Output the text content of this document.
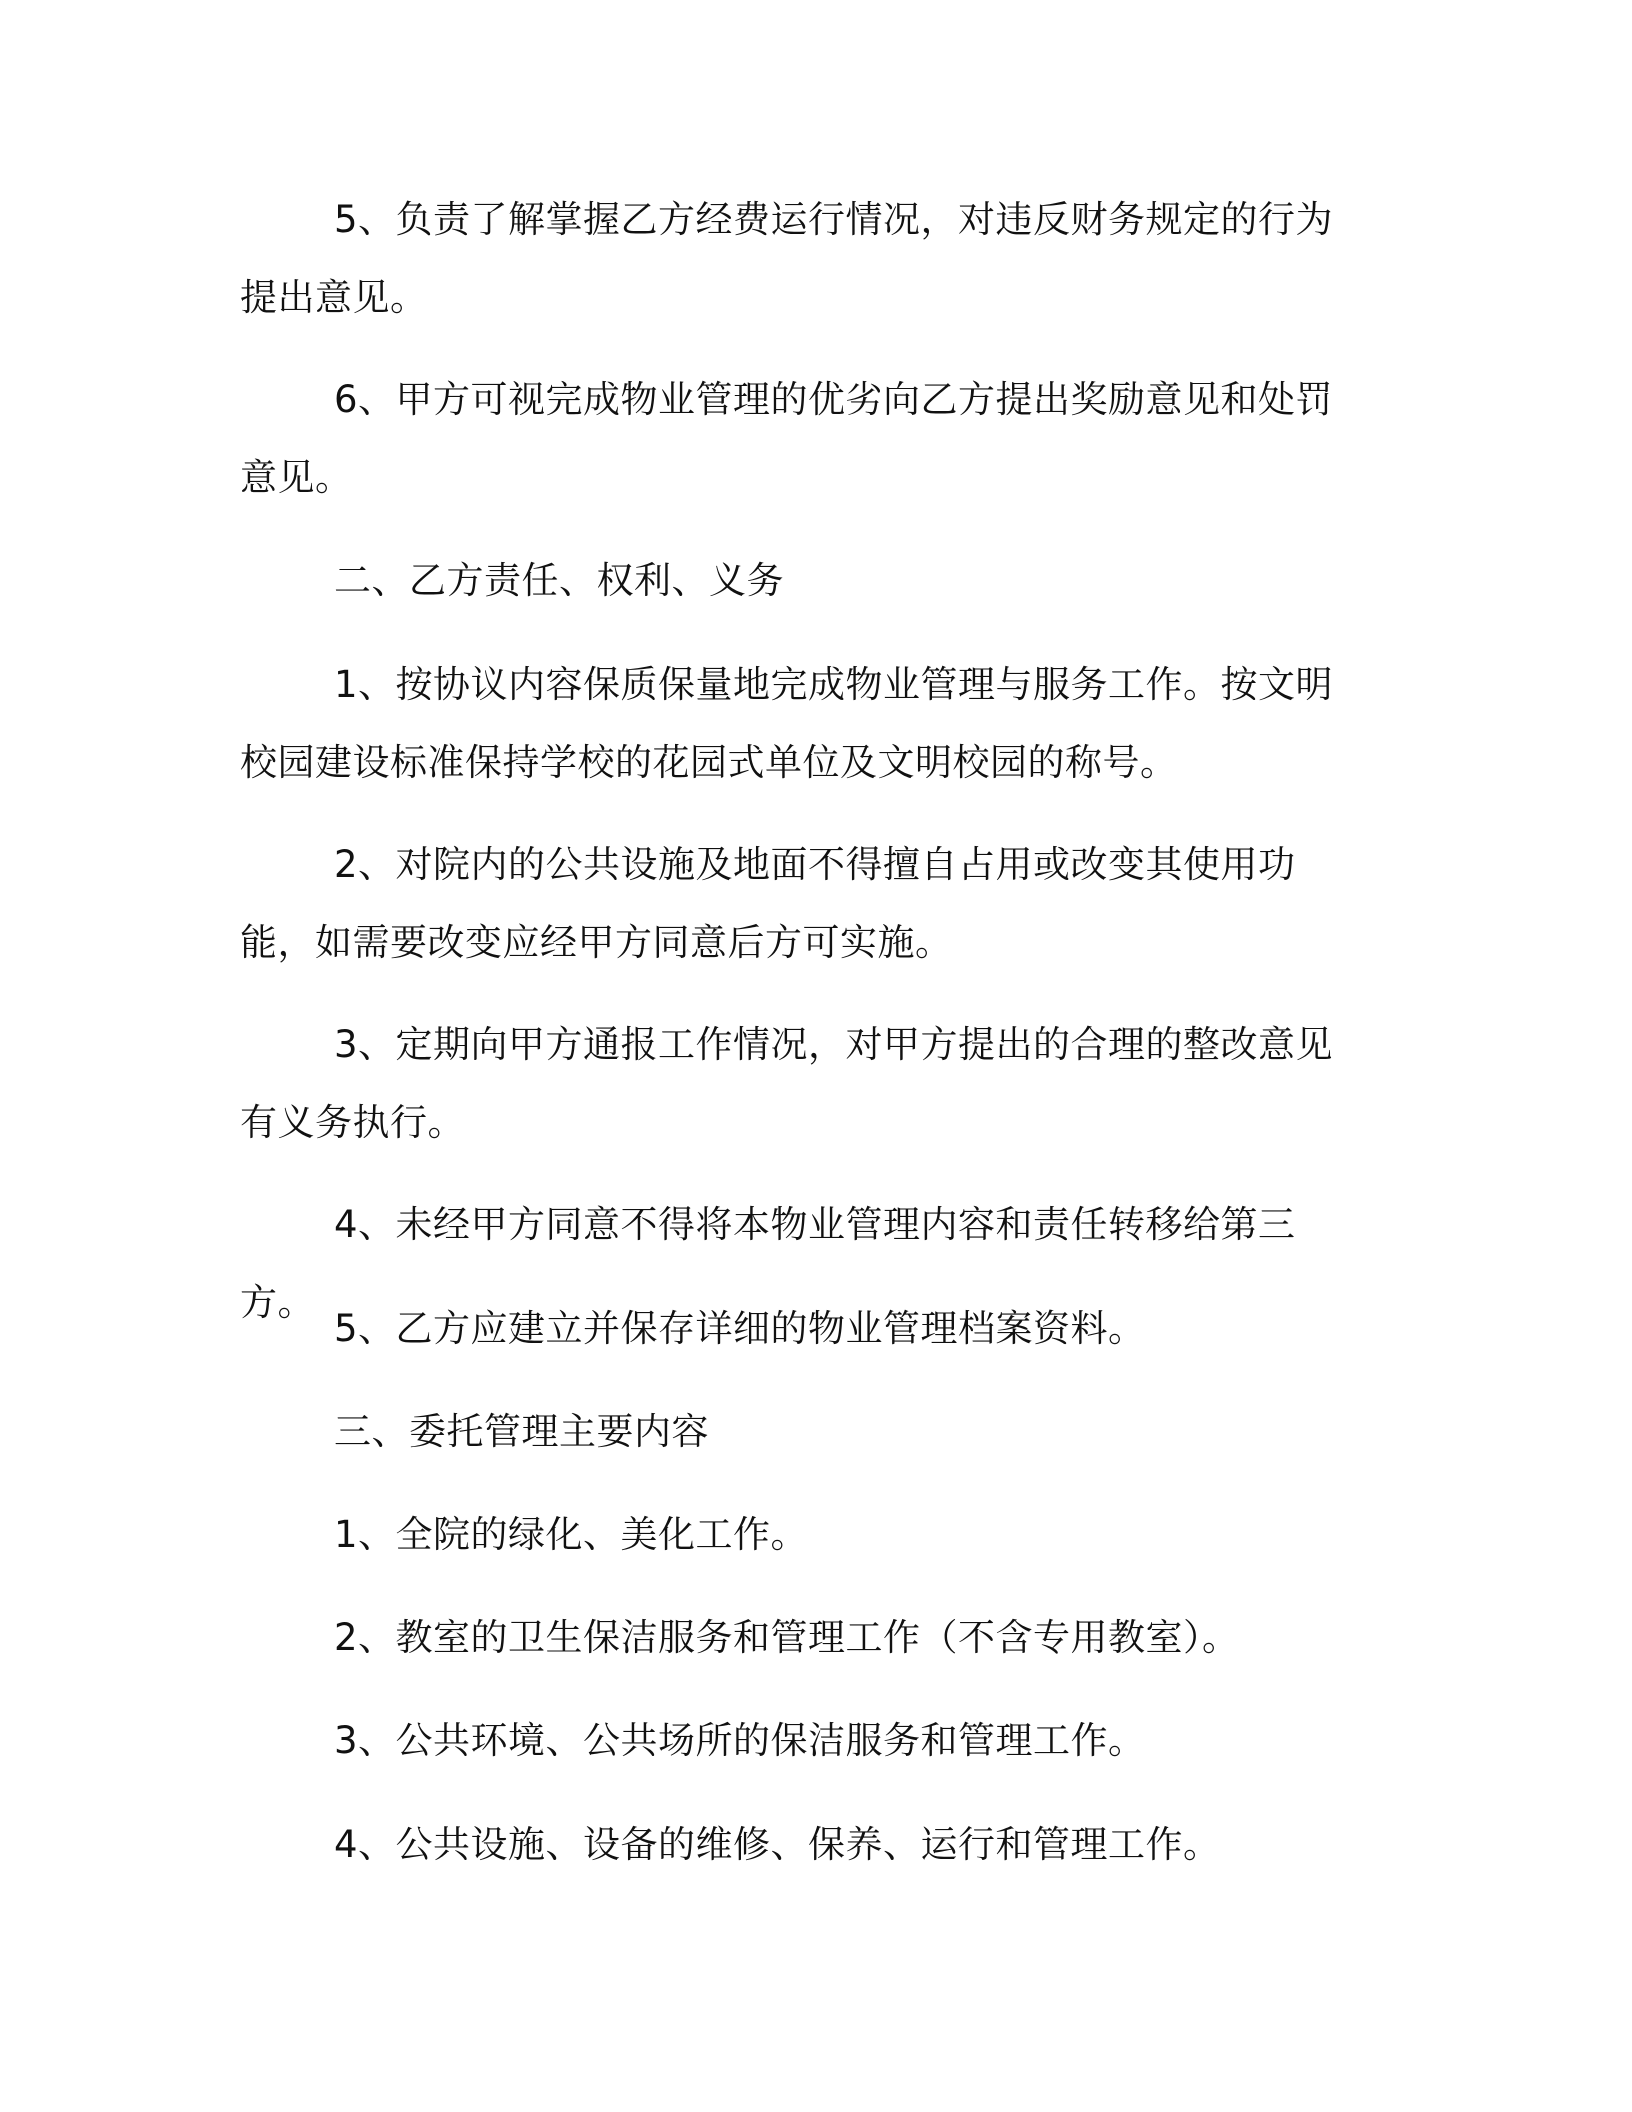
5、负责了解掌握乙方经费运行情况，对违反财务规定的行为提出意见。

6、甲方可视完成物业管理的优劣向乙方提出奖励意见和处罚意见。

二、乙方责任、权利、义务

1、按协议内容保质保量地完成物业管理与服务工作。按文明校园建设标准保持学校的花园式单位及文明校园的称号。

2、对院内的公共设施及地面不得擅自占用或改变其使用功能，如需要改变应经甲方同意后方可实施。

3、定期向甲方通报工作情况，对甲方提出的合理的整改意见有义务执行。

4、未经甲方同意不得将本物业管理内容和责任转移给第三方。

5、乙方应建立并保存详细的物业管理档案资料。

三、委托管理主要内容

1、全院的绿化、美化工作。

2、教室的卫生保洁服务和管理工作（不含专用教室）。

3、公共环境、公共场所的保洁服务和管理工作。

4、公共设施、设备的维修、保养、运行和管理工作。
